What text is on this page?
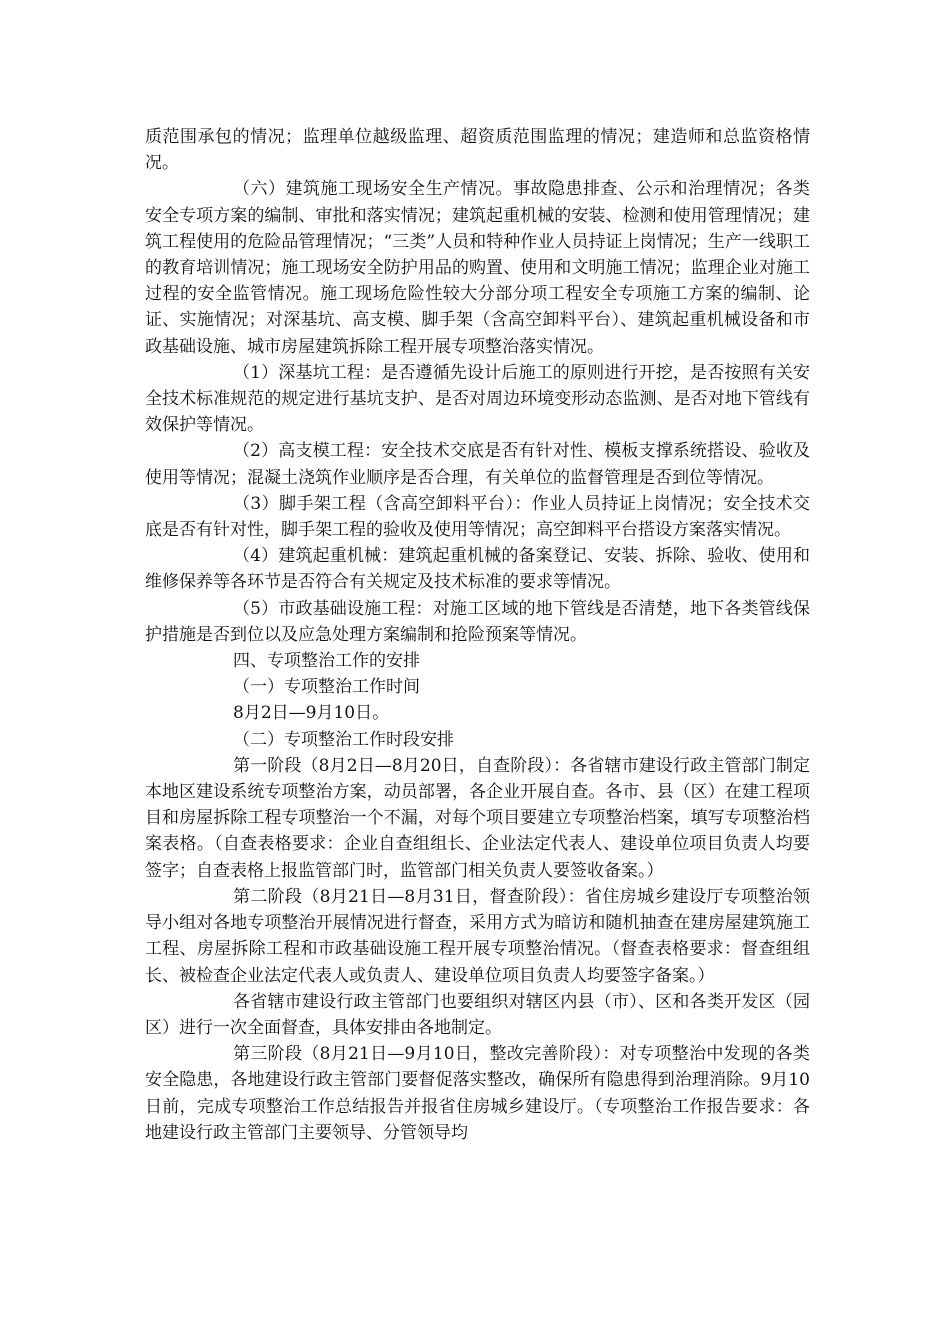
质范围承包的情况；监理单位越级监理、超资质范围监理的情况；建造师和总监资格情况。

（六）建筑施工现场安全生产情况。事故隐患排查、公示和治理情况；各类安全专项方案的编制、审批和落实情况；建筑起重机械的安装、检测和使用管理情况；建筑工程使用的危险品管理情况；“三类”人员和特种作业人员持证上岗情况；生产一线职工的教育培训情况；施工现场安全防护用品的购置、使用和文明施工情况；监理企业对施工过程的安全监管情况。施工现场危险性较大分部分项工程安全专项施工方案的编制、论证、实施情况；对深基坑、高支模、脚手架（含高空卸料平台）、建筑起重机械设备和市政基础设施、城市房屋建筑拆除工程开展专项整治落实情况。

（1）深基坑工程：是否遵循先设计后施工的原则进行开挖，是否按照有关安全技术标准规范的规定进行基坑支护、是否对周边环境变形动态监测、是否对地下管线有效保护等情况。

（2）高支模工程：安全技术交底是否有针对性、模板支撑系统搭设、验收及使用等情况；混凝土浇筑作业顺序是否合理，有关单位的监督管理是否到位等情况。

（3）脚手架工程（含高空卸料平台）：作业人员持证上岗情况；安全技术交底是否有针对性，脚手架工程的验收及使用等情况；高空卸料平台搭设方案落实情况。

（4）建筑起重机械：建筑起重机械的备案登记、安装、拆除、验收、使用和维修保养等各环节是否符合有关规定及技术标准的要求等情况。

（5）市政基础设施工程：对施工区域的地下管线是否清楚，地下各类管线保护措施是否到位以及应急处理方案编制和抢险预案等情况。

四、专项整治工作的安排

（一）专项整治工作时间

8月2日—9月10日。

（二）专项整治工作时段安排

第一阶段（8月2日—8月20日，自查阶段）：各省辖市建设行政主管部门制定本地区建设系统专项整治方案，动员部署，各企业开展自查。各市、县（区）在建工程项目和房屋拆除工程专项整治一个不漏，对每个项目要建立专项整治档案，填写专项整治档案表格。（自查表格要求：企业自查组组长、企业法定代表人、建设单位项目负责人均要签字；自查表格上报监管部门时，监管部门相关负责人要签收备案。）

第二阶段（8月21日—8月31日，督查阶段）：省住房城乡建设厅专项整治领导小组对各地专项整治开展情况进行督查，采用方式为暗访和随机抽查在建房屋建筑施工工程、房屋拆除工程和市政基础设施工程开展专项整治情况。（督查表格要求：督查组组长、被检查企业法定代表人或负责人、建设单位项目负责人均要签字备案。）

各省辖市建设行政主管部门也要组织对辖区内县（市）、区和各类开发区（园区）进行一次全面督查，具体安排由各地制定。

第三阶段（8月21日—9月10日，整改完善阶段）：对专项整治中发现的各类安全隐患，各地建设行政主管部门要督促落实整改，确保所有隐患得到治理消除。9月10日前，完成专项整治工作总结报告并报省住房城乡建设厅。（专项整治工作报告要求：各地建设行政主管部门主要领导、分管领导均
